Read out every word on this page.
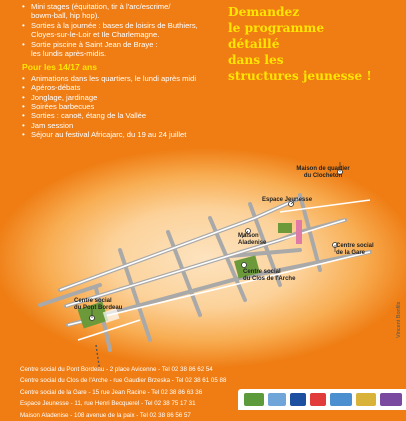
• Mini stages (équitation, tir à l'arc/escrime/
bowm-ball, hip hop).
• Sorties à la journée : bases de loisirs de Buthiers,
Cloyes-sur-le-Loir et Ile Charlemagne.
• Sortie piscine à Saint Jean de Braye :
les lundis après-midis.
Pour les 14/17 ans
• Animations dans les quartiers, le lundi après midi
• Apéros-débats
• Jonglage, jardinage
• Soirées barbecues
• Sorties : canoë, étang de la Vallée
• Jam session
• Séjour au festival Africajarc, du 19 au 24 juillet
Demandez
le programme
détaillé
dans les
structures jeunesse !
Maison de quartier
du Clocheton
Espace Jeunesse
Maison
Aladenise	Centre social
de la Gare
Centre social
du Pont Bordeau
Centre social
du Clos de l'Arche
Vincent Bonfils
Centre social du Pont Bordeau - 2 place Avicenne - Tel 02 38 86 62 54
Centre social du Clos de l'Arche - rue Gaudier Brzeska - Tel 02 38 61 05 88
Centre social de la Gare - 15 rue Jean Racine - Tel 02 38 86 63 36
Espace Jeunesse - 11, rue Henri Becquerel - Tel 02 38 75 17 31
Maison Aladenise - 108 avenue de la paix - Tel 02 38 86 56 57
